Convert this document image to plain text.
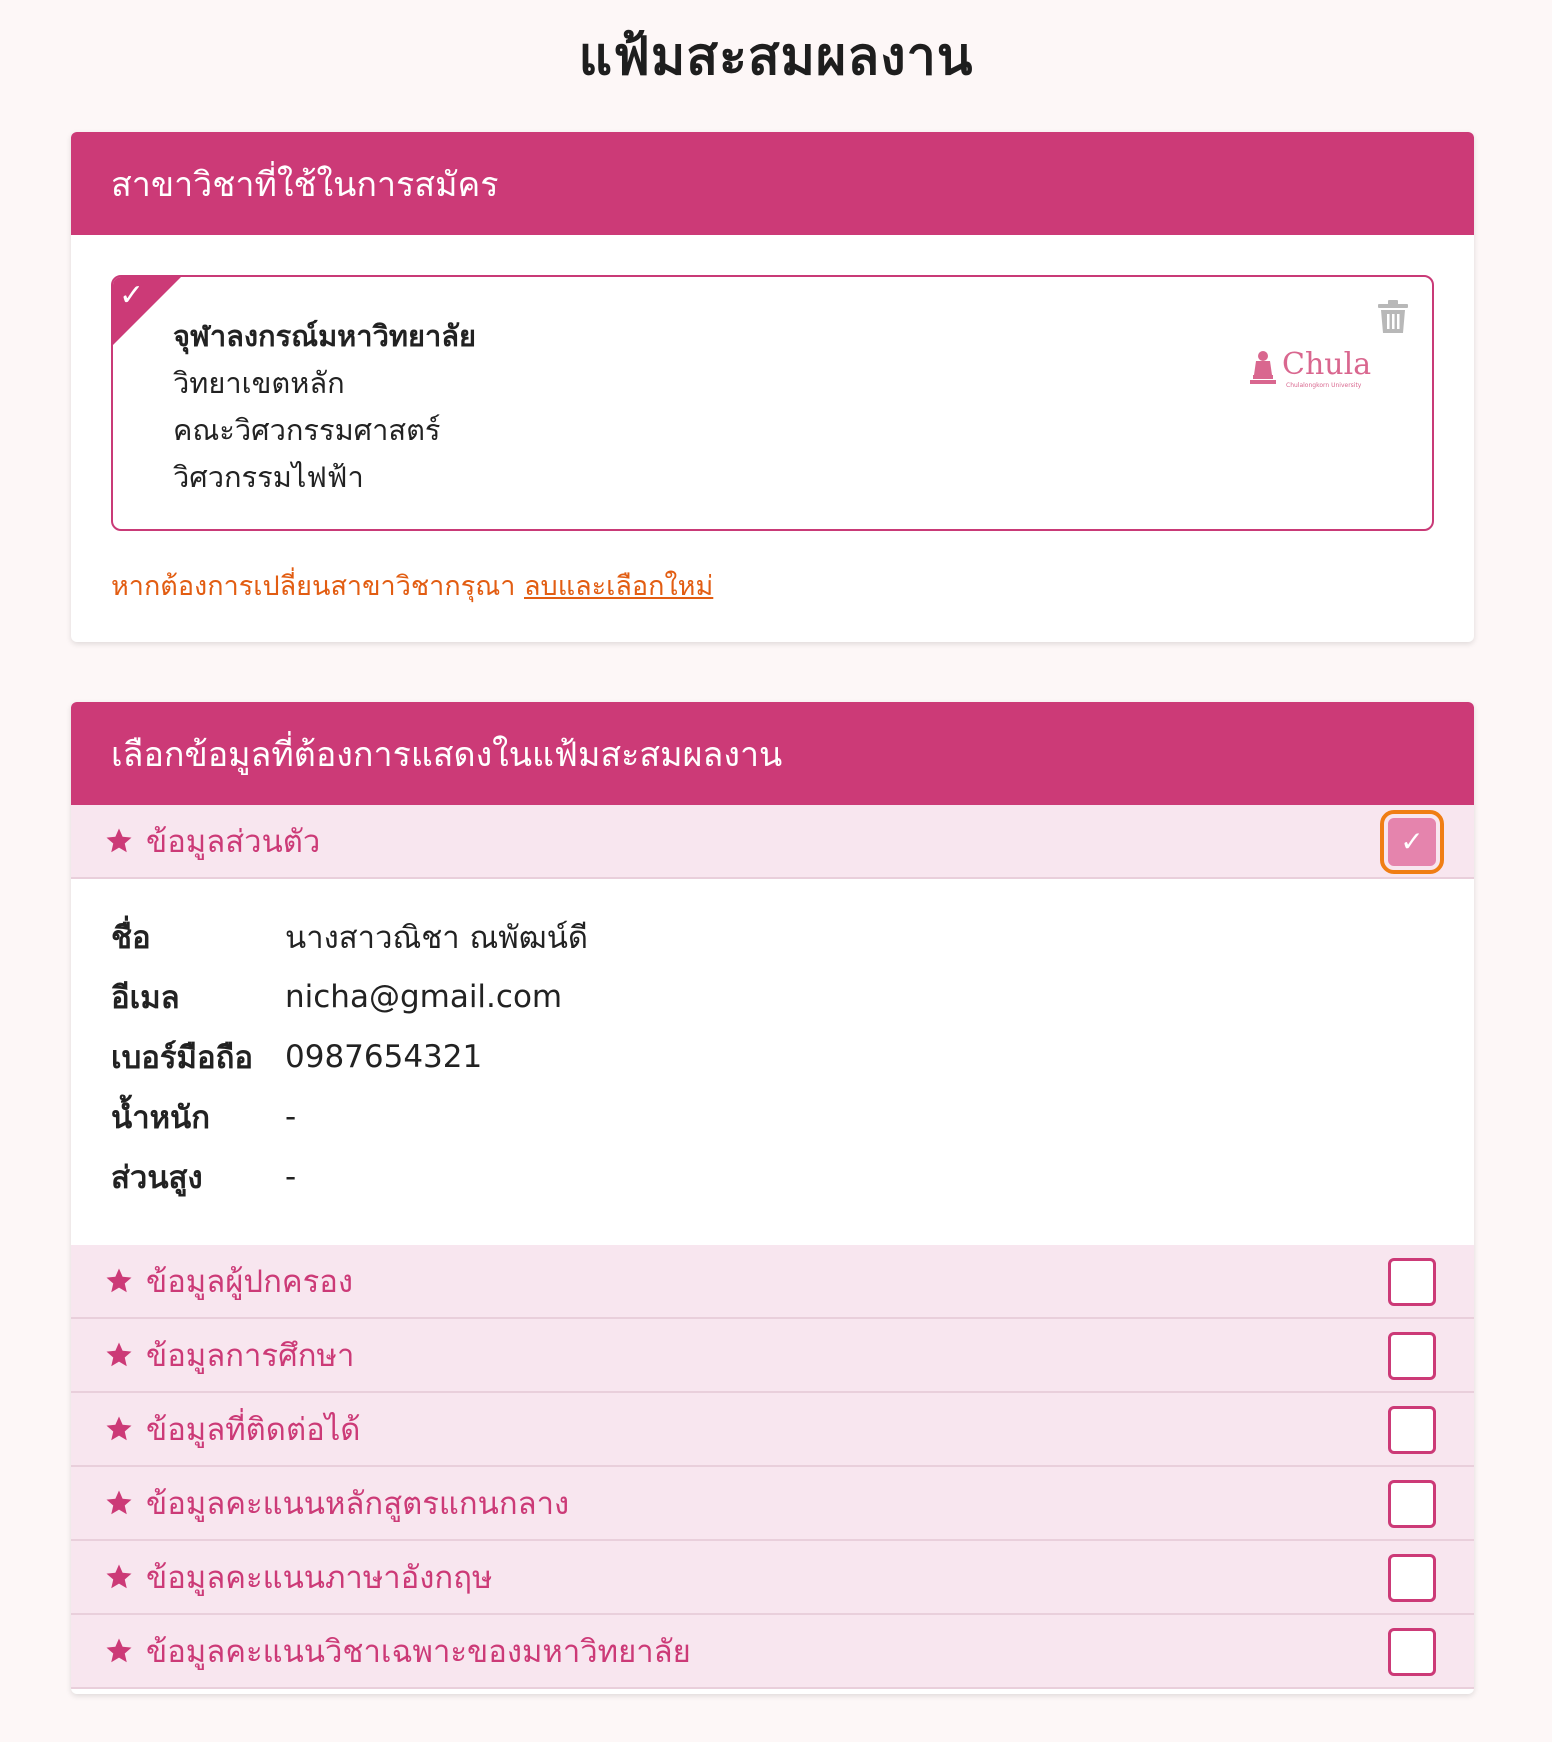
แฟ้มสะสมผลงาน
สาขาวิชาที่ใช้ในการสมัคร
✓
จุฬาลงกรณ์มหาวิทยาลัย
วิทยาเขตหลัก
คณะวิศวกรรมศาสตร์
วิศวกรรมไฟฟ้า
Chula
Chulalongkorn University
หากต้องการเปลี่ยนสาขาวิชากรุณา ลบและเลือกใหม่
เลือกข้อมูลที่ต้องการแสดงในแฟ้มสะสมผลงาน
ข้อมูลส่วนตัว	✓
ชื่อ	นางสาวณิชา ณพัฒน์ดี
อีเมล	nicha@gmail.com
เบอร์มือถือ	0987654321
น้ำหนัก	-
ส่วนสูง	-
ข้อมูลผู้ปกครอง
ข้อมูลการศึกษา
ข้อมูลที่ติดต่อได้
ข้อมูลคะแนนหลักสูตรแกนกลาง
ข้อมูลคะแนนภาษาอังกฤษ
ข้อมูลคะแนนวิชาเฉพาะของมหาวิทยาลัย
